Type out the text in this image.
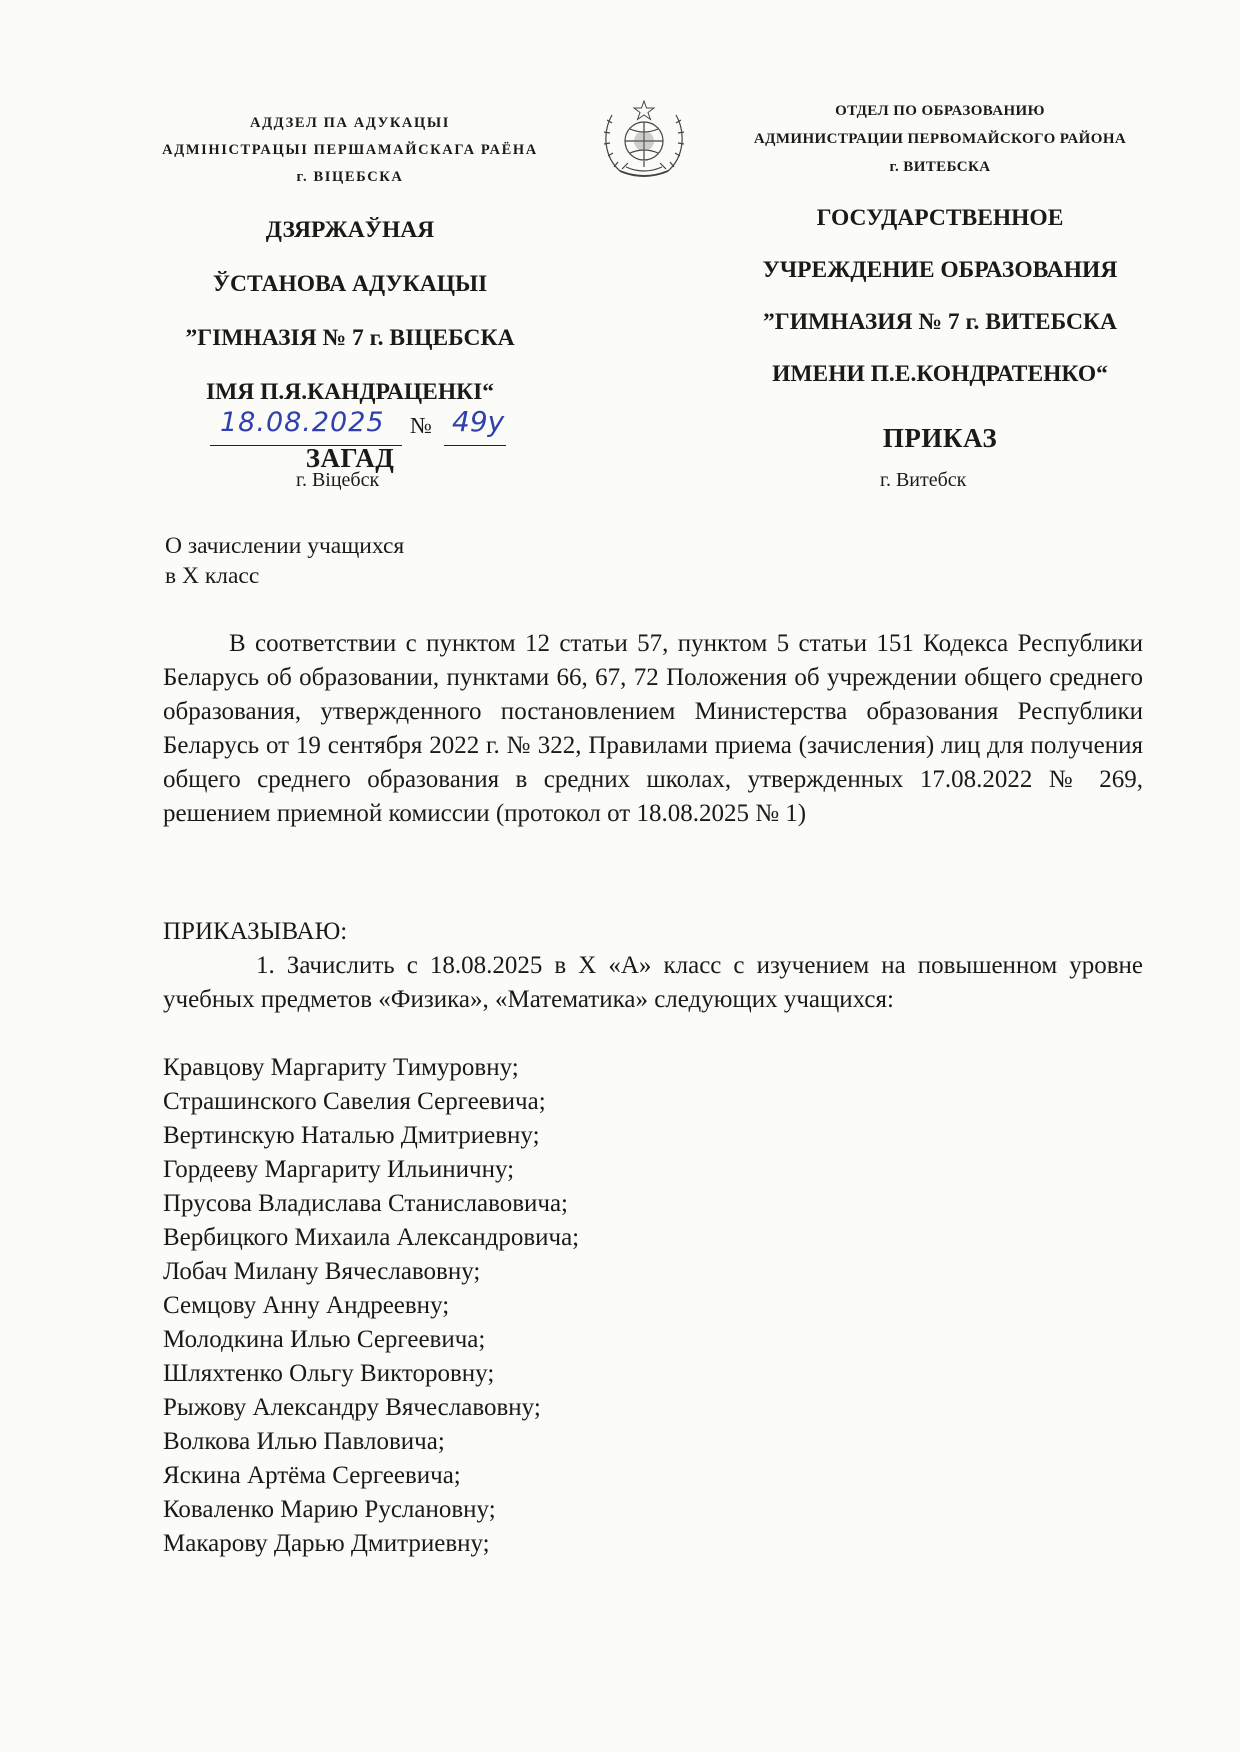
АДДЗЕЛ ПА АДУКАЦЫІ
АДМІНІСТРАЦЫІ ПЕРШАМАЙСКАГА РАЁНА
г. ВІЦЕБСКА
ДЗЯРЖАЎНАЯ
ЎСТАНОВА АДУКАЦЫІ
”ГІМНАЗІЯ № 7 г. ВІЦЕБСКА
ІМЯ П.Я.КАНДРАЦЕНКІ“
ЗАГАД
ОТДЕЛ ПО ОБРАЗОВАНИЮ
АДМИНИСТРАЦИИ ПЕРВОМАЙСКОГО РАЙОНА
г. ВИТЕБСКА
ГОСУДАРСТВЕННОЕ
УЧРЕЖДЕНИЕ ОБРАЗОВАНИЯ
”ГИМНАЗИЯ № 7 г. ВИТЕБСКА
ИМЕНИ П.Е.КОНДРАТЕНКО“
ПРИКАЗ
18.08.2025 № 49у
г. Віцебск	г. Витебск
О зачислении учащихся
в X класс

В соответствии с пунктом 12 статьи 57, пунктом 5 статьи 151 Кодекса Республики Беларусь об образовании, пунктами 66, 67, 72 Положения об учреждении общего среднего образования, утвержденного постановлением Министерства образования Республики Беларусь от 19 сентября 2022 г. № 322, Правилами приема (зачисления) лиц для получения общего среднего образования в средних школах, утвержденных 17.08.2022 № 269, решением приемной комиссии (протокол от 18.08.2025 № 1)

ПРИКАЗЫВАЮ:

1. Зачислить с 18.08.2025 в X «А» класс с изучением на повышенном уровне учебных предметов «Физика», «Математика» следующих учащихся:

Кравцову Маргариту Тимуровну;
Страшинского Савелия Сергеевича;
Вертинскую Наталью Дмитриевну;
Гордееву Маргариту Ильиничну;
Прусова Владислава Станиславовича;
Вербицкого Михаила Александровича;
Лобач Милану Вячеславовну;
Семцову Анну Андреевну;
Молодкина Илью Сергеевича;
Шляхтенко Ольгу Викторовну;
Рыжову Александру Вячеславовну;
Волкова Илью Павловича;
Яскина Артёма Сергеевича;
Коваленко Марию Руслановну;
Макарову Дарью Дмитриевну;
